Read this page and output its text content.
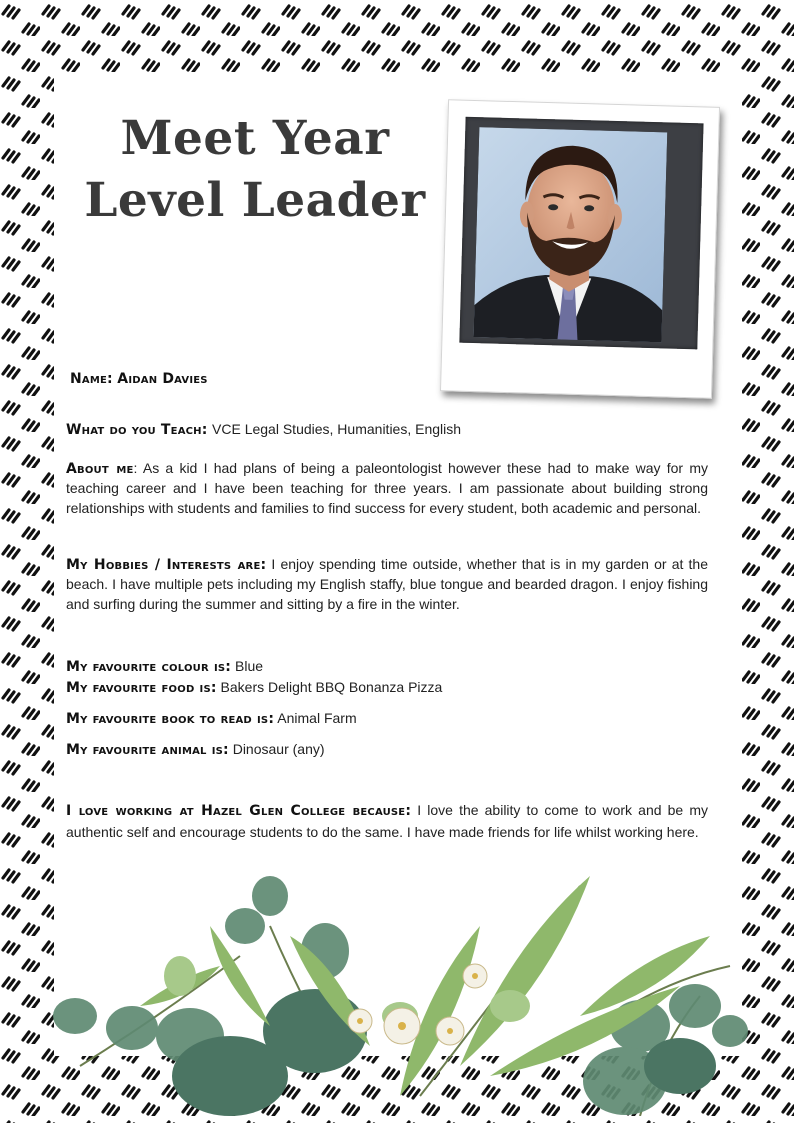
Meet Year Level Leader

Name: Aidan Davies

What do you Teach: VCE Legal Studies, Humanities, English

About me: As a kid I had plans of being a paleontologist however these had to make way for my teaching career and I have been teaching for three years. I am passionate about building strong relationships with students and families to find success for every student, both academic and personal.

My Hobbies / Interests are: I enjoy spending time outside, whether that is in my garden or at the beach. I have multiple pets including my English staffy, blue tongue and bearded dragon. I enjoy fishing and surfing during the summer and sitting by a fire in the winter.

My favourite colour is: Blue

My favourite food is: Bakers Delight BBQ Bonanza Pizza

My favourite book to read is: Animal Farm

My favourite animal is: Dinosaur (any)

I love working at Hazel Glen College because: I love the ability to come to work and be my authentic self and encourage students to do the same. I have made friends for life whilst working here.
